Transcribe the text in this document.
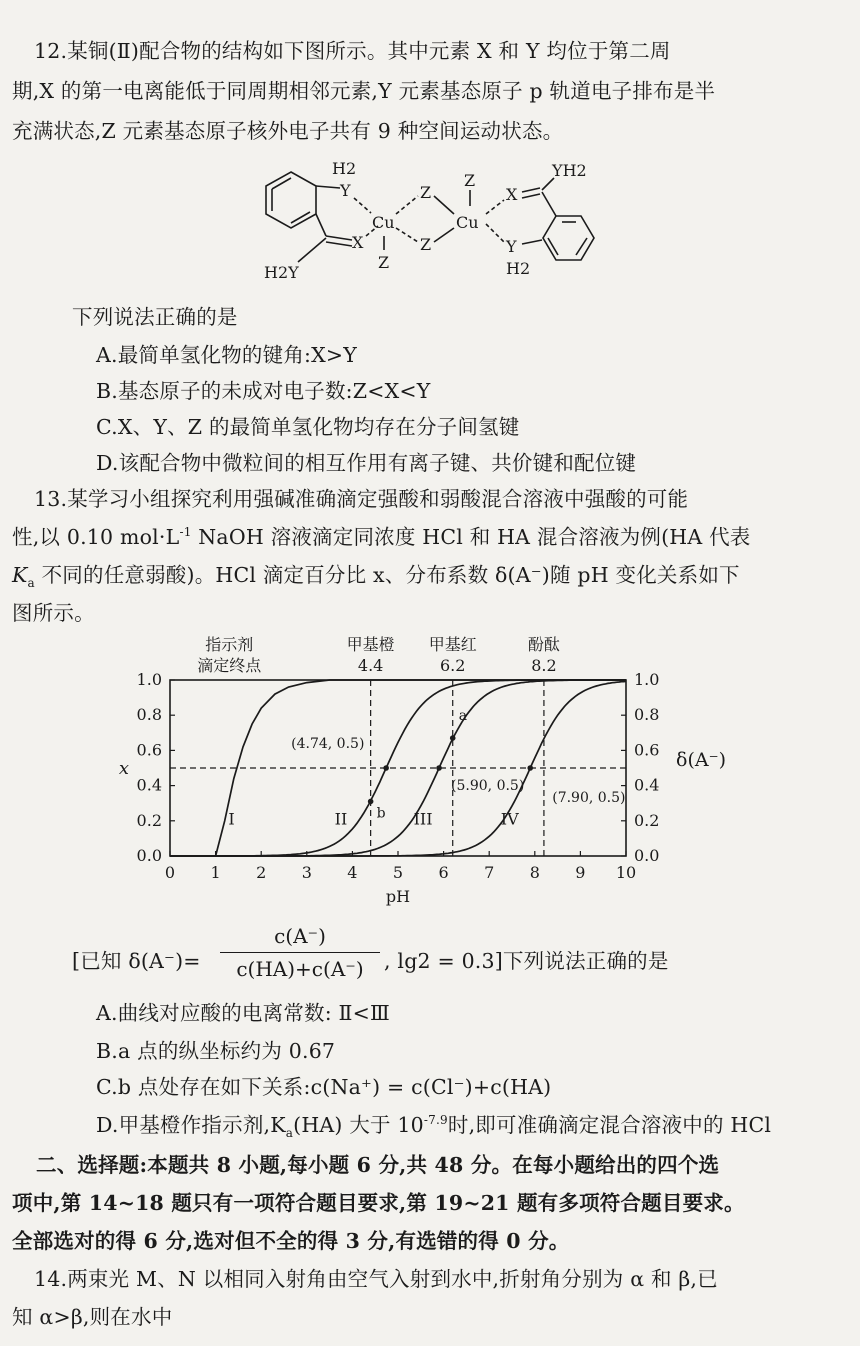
12.某铜(Ⅱ)配合物的结构如下图所示。其中元素 X 和 Y 均位于第二周
期,X 的第一电离能低于同周期相邻元素,Y 元素基态原子 p 轨道电子排布是半
充满状态,Z 元素基态原子核外电子共有 9 种空间运动状态。
H2
Y
Cu
Z
Z
Z
Cu
X
YH2
X
Z
H2Y
Y
H2
下列说法正确的是
A.最简单氢化物的键角:X>Y
B.基态原子的未成对电子数:Z<X<Y
C.X、Y、Z 的最简单氢化物均存在分子间氢键
D.该配合物中微粒间的相互作用有离子键、共价键和配位键
13.某学习小组探究利用强碱准确滴定强酸和弱酸混合溶液中强酸的可能
性,以 0.10 $mol\cdot L^{-1}$ NaOH 溶液滴定同浓度 HCl 和 HA 混合溶液为例(HA 代表
$K_a$ 不同的任意弱酸)。HCl 滴定百分比 x、分布系数 δ(A⁻)随 pH 变化关系如下
图所示。
0 1 2 3 4 5 6 7 8 9 10
0.0	0.0
0.2	0.2
0.4	0.4
0.6	0.6
0.8	0.8
1.0	1.0
pH
x	δ(A⁻)
指示剂
滴定终点
甲基橙
4.4
甲基红
6.2
酚酞
8.2
I	II	III	IV
(4.74, 0.5)
(5.90, 0.5)
(7.90, 0.5)
a
b
[已知 δ(A⁻)=
c(A⁻)
c(HA)+c(A⁻) , lg2 = 0.3]下列说法正确的是
A.曲线对应酸的电离常数: Ⅱ<Ⅲ
B.a 点的纵坐标约为 0.67
C.b 点处存在如下关系:c(Na⁺) = c(Cl⁻)+c(HA)
D.甲基橙作指示剂$,K_a(HA)$ 大于 $10^{-7.9}$时,即可准确滴定混合溶液中的 HCl
二、选择题:本题共 8 小题,每小题 6 分,共 48 分。在每小题给出的四个选
项中,第 14~18 题只有一项符合题目要求,第 19~21 题有多项符合题目要求。
全部选对的得 6 分,选对但不全的得 3 分,有选错的得 0 分。
14.两束光 M、N 以相同入射角由空气入射到水中,折射角分别为 α 和 β,已
知 α>β,则在水中
